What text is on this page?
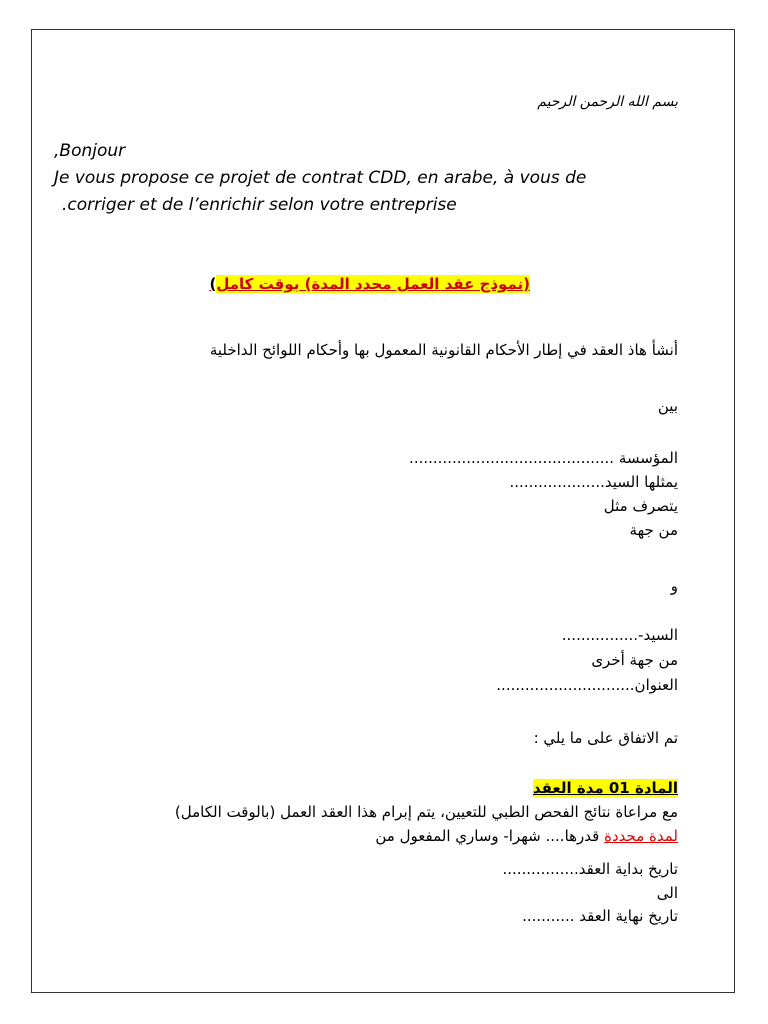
بسم الله الرحمن الرحيم
,Bonjour
Je vous propose ce projet de contrat CDD, en arabe, à vous de
.corriger et de l’enrichir selon votre entreprise
(نموذج عقد العمل محدد المدة) بوقت كامل)
أنشأ هاذ العقد في إطار الأحكام القانونية المعمول بها وأحكام اللوائح الداخلية
بين
المؤسسة ...........................................
يمثلها السيد....................
يتصرف مثل
من جهة
و
السيد-................
من جهة أخرى
العنوان.............................
تم الاتفاق على ما يلي :
المادة 01 مدة العقد
مع مراعاة نتائج الفحص الطبي للتعيين، يتم إبرام هذا العقد العمل (بالوقت الكامل)
لمدة محددة قدرها.... شهرا- وساري المفعول من
تاريخ بداية العقد................
الى
تاريخ نهاية العقد ...........
